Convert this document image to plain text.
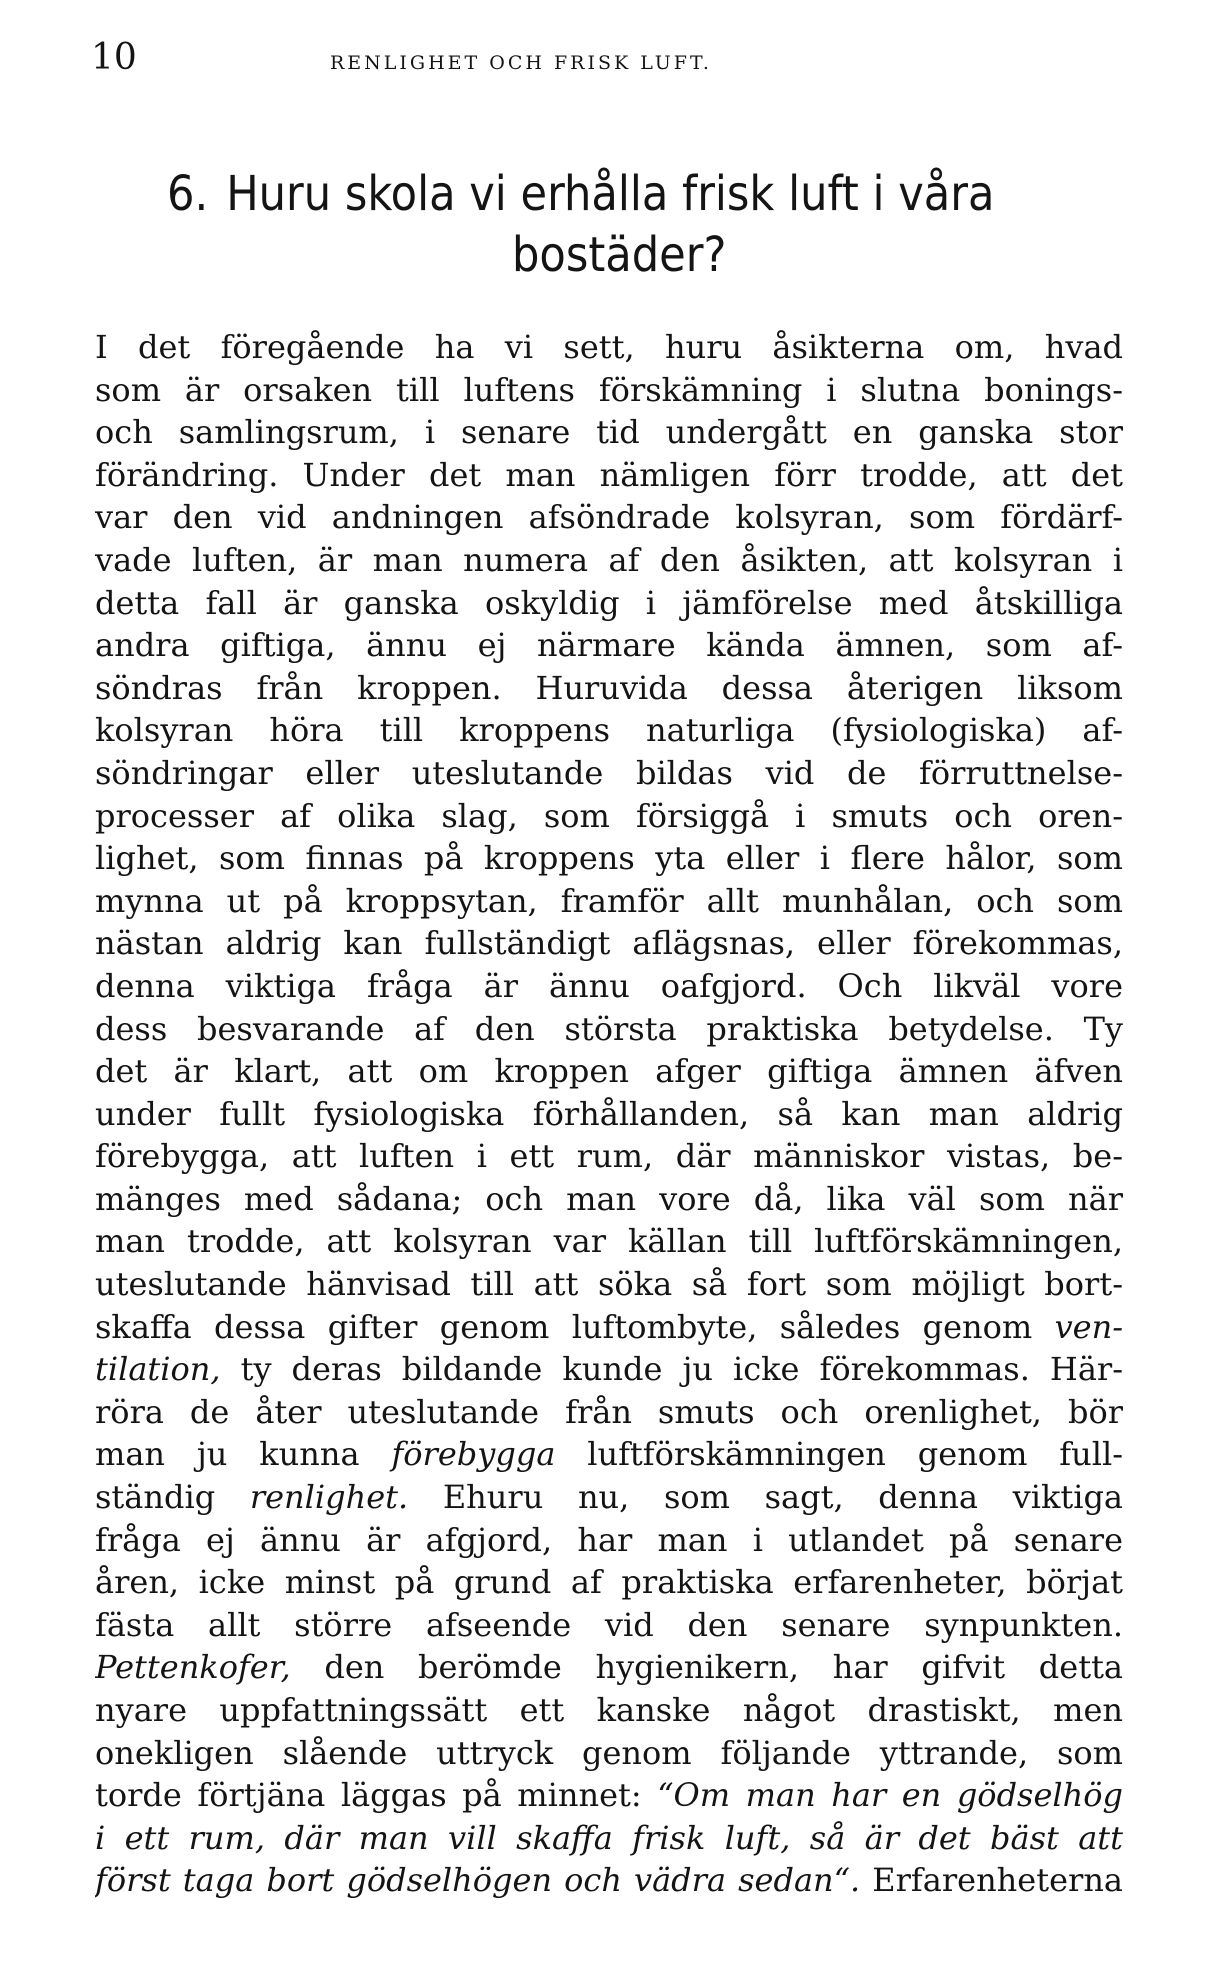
10	RENLIGHET OCH FRISK LUFT.
6. Huru skola vi erhålla frisk luft i våra
bostäder?
I det föregående ha vi sett, huru åsikterna om, hvad
som är orsaken till luftens förskämning i slutna bonings-
och samlingsrum, i senare tid undergått en ganska stor
förändring. Under det man nämligen förr trodde, att det
var den vid andningen afsöndrade kolsyran, som fördärf-
vade luften, är man numera af den åsikten, att kolsyran i
detta fall är ganska oskyldig i jämförelse med åtskilliga
andra giftiga, ännu ej närmare kända ämnen, som af-
söndras från kroppen. Huruvida dessa återigen liksom
kolsyran höra till kroppens naturliga (fysiologiska) af-
söndringar eller uteslutande bildas vid de förruttnelse-
processer af olika slag, som försiggå i smuts och oren-
lighet, som finnas på kroppens yta eller i flere hålor, som
mynna ut på kroppsytan, framför allt munhålan, och som
nästan aldrig kan fullständigt aflägsnas, eller förekommas,
denna viktiga fråga är ännu oafgjord. Och likväl vore
dess besvarande af den största praktiska betydelse. Ty
det är klart, att om kroppen afger giftiga ämnen äfven
under fullt fysiologiska förhållanden, så kan man aldrig
förebygga, att luften i ett rum, där människor vistas, be-
mänges med sådana; och man vore då, lika väl som när
man trodde, att kolsyran var källan till luftförskämningen,
uteslutande hänvisad till att söka så fort som möjligt bort-
skaffa dessa gifter genom luftombyte, således genom ven-
tilation, ty deras bildande kunde ju icke förekommas. Här-
röra de åter uteslutande från smuts och orenlighet, bör
man ju kunna förebygga luftförskämningen genom full-
ständig renlighet. Ehuru nu, som sagt, denna viktiga
fråga ej ännu är afgjord, har man i utlandet på senare
åren, icke minst på grund af praktiska erfarenheter, börjat
fästa allt större afseende vid den senare synpunkten.
Pettenkofer, den berömde hygienikern, har gifvit detta
nyare uppfattningssätt ett kanske något drastiskt, men
onekligen slående uttryck genom följande yttrande, som
torde förtjäna läggas på minnet: “Om man har en gödselhög
i ett rum, där man vill skaffa frisk luft, så är det bäst att
först taga bort gödselhögen och vädra sedan“. Erfarenheterna
